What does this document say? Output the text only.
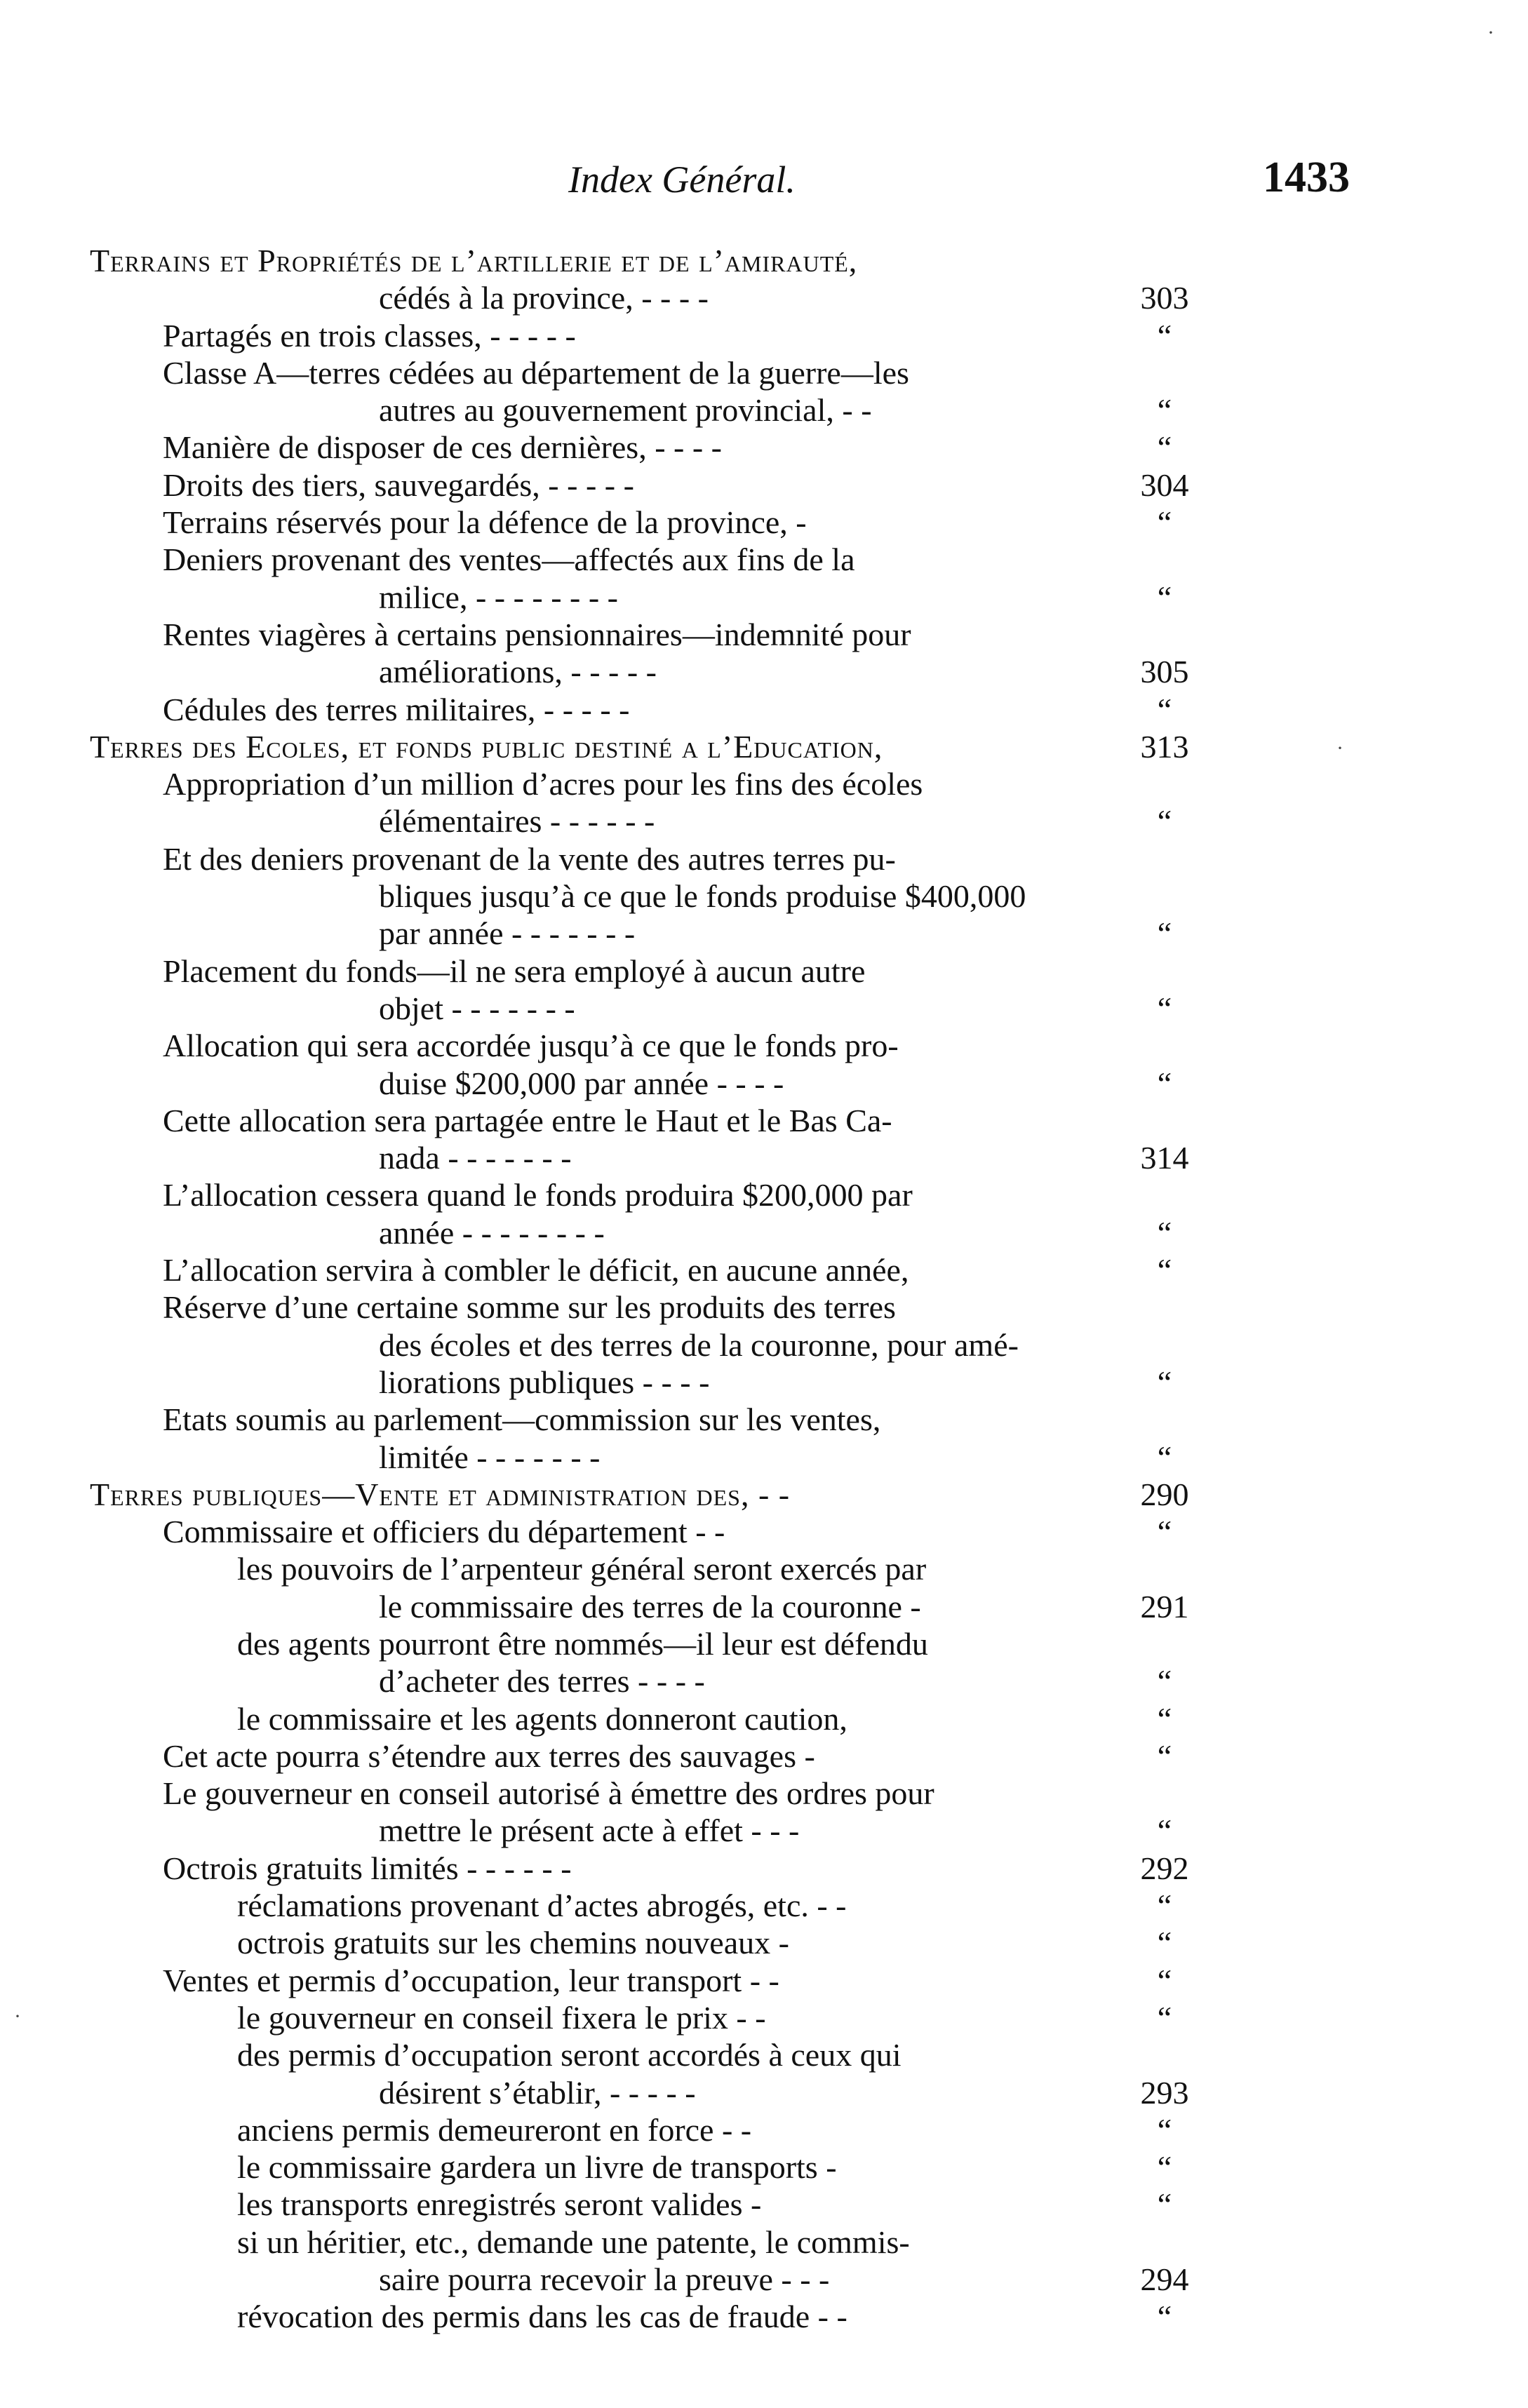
Index Général.	1433
Terrains et Propriétés de l’artillerie et de l’amirauté,
cédés à la province, - - - -	303
Partagés en trois classes, - - - - -	“
Classe A—terres cédées au département de la guerre—les
autres au gouvernement provincial, - -	“
Manière de disposer de ces dernières, - - - -	“
Droits des tiers, sauvegardés, - - - - -	304
Terrains réservés pour la défence de la province, -	“
Deniers provenant des ventes—affectés aux fins de la
milice, - - - - - - - -	“
Rentes viagères à certains pensionnaires—indemnité pour
améliorations, - - - - -	305
Cédules des terres militaires, - - - - -	“
Terres des Ecoles, et fonds public destiné a l’Education,	313
Appropriation d’un million d’acres pour les fins des écoles
élémentaires - - - - - -	“
Et des deniers provenant de la vente des autres terres pu-
bliques jusqu’à ce que le fonds produise $400,000
par année - - - - - - -	“
Placement du fonds—il ne sera employé à aucun autre
objet - - - - - - -	“
Allocation qui sera accordée jusqu’à ce que le fonds pro-
duise $200,000 par année - - - -	“
Cette allocation sera partagée entre le Haut et le Bas Ca-
nada - - - - - - -	314
L’allocation cessera quand le fonds produira $200,000 par
année - - - - - - - -	“
L’allocation servira à combler le déficit, en aucune année,	“
Réserve d’une certaine somme sur les produits des terres
des écoles et des terres de la couronne, pour amé-
liorations publiques - - - -	“
Etats soumis au parlement—commission sur les ventes,
limitée - - - - - - -	“
Terres publiques—Vente et administration des, - -	290
Commissaire et officiers du département - -	“
les pouvoirs de l’arpenteur général seront exercés par
le commissaire des terres de la couronne -	291
des agents pourront être nommés—il leur est défendu
d’acheter des terres - - - -	“
le commissaire et les agents donneront caution,	“
Cet acte pourra s’étendre aux terres des sauvages -	“
Le gouverneur en conseil autorisé à émettre des ordres pour
mettre le présent acte à effet - - -	“
Octrois gratuits limités - - - - - -	292
réclamations provenant d’actes abrogés, etc. - -	“
octrois gratuits sur les chemins nouveaux -	“
Ventes et permis d’occupation, leur transport - -	“
le gouverneur en conseil fixera le prix - -	“
des permis d’occupation seront accordés à ceux qui
désirent s’établir, - - - - -	293
anciens permis demeureront en force - -	“
le commissaire gardera un livre de transports -	“
les transports enregistrés seront valides -	“
si un héritier, etc., demande une patente, le commis-
saire pourra recevoir la preuve - - -	294
révocation des permis dans les cas de fraude - -	“
·
·
·
